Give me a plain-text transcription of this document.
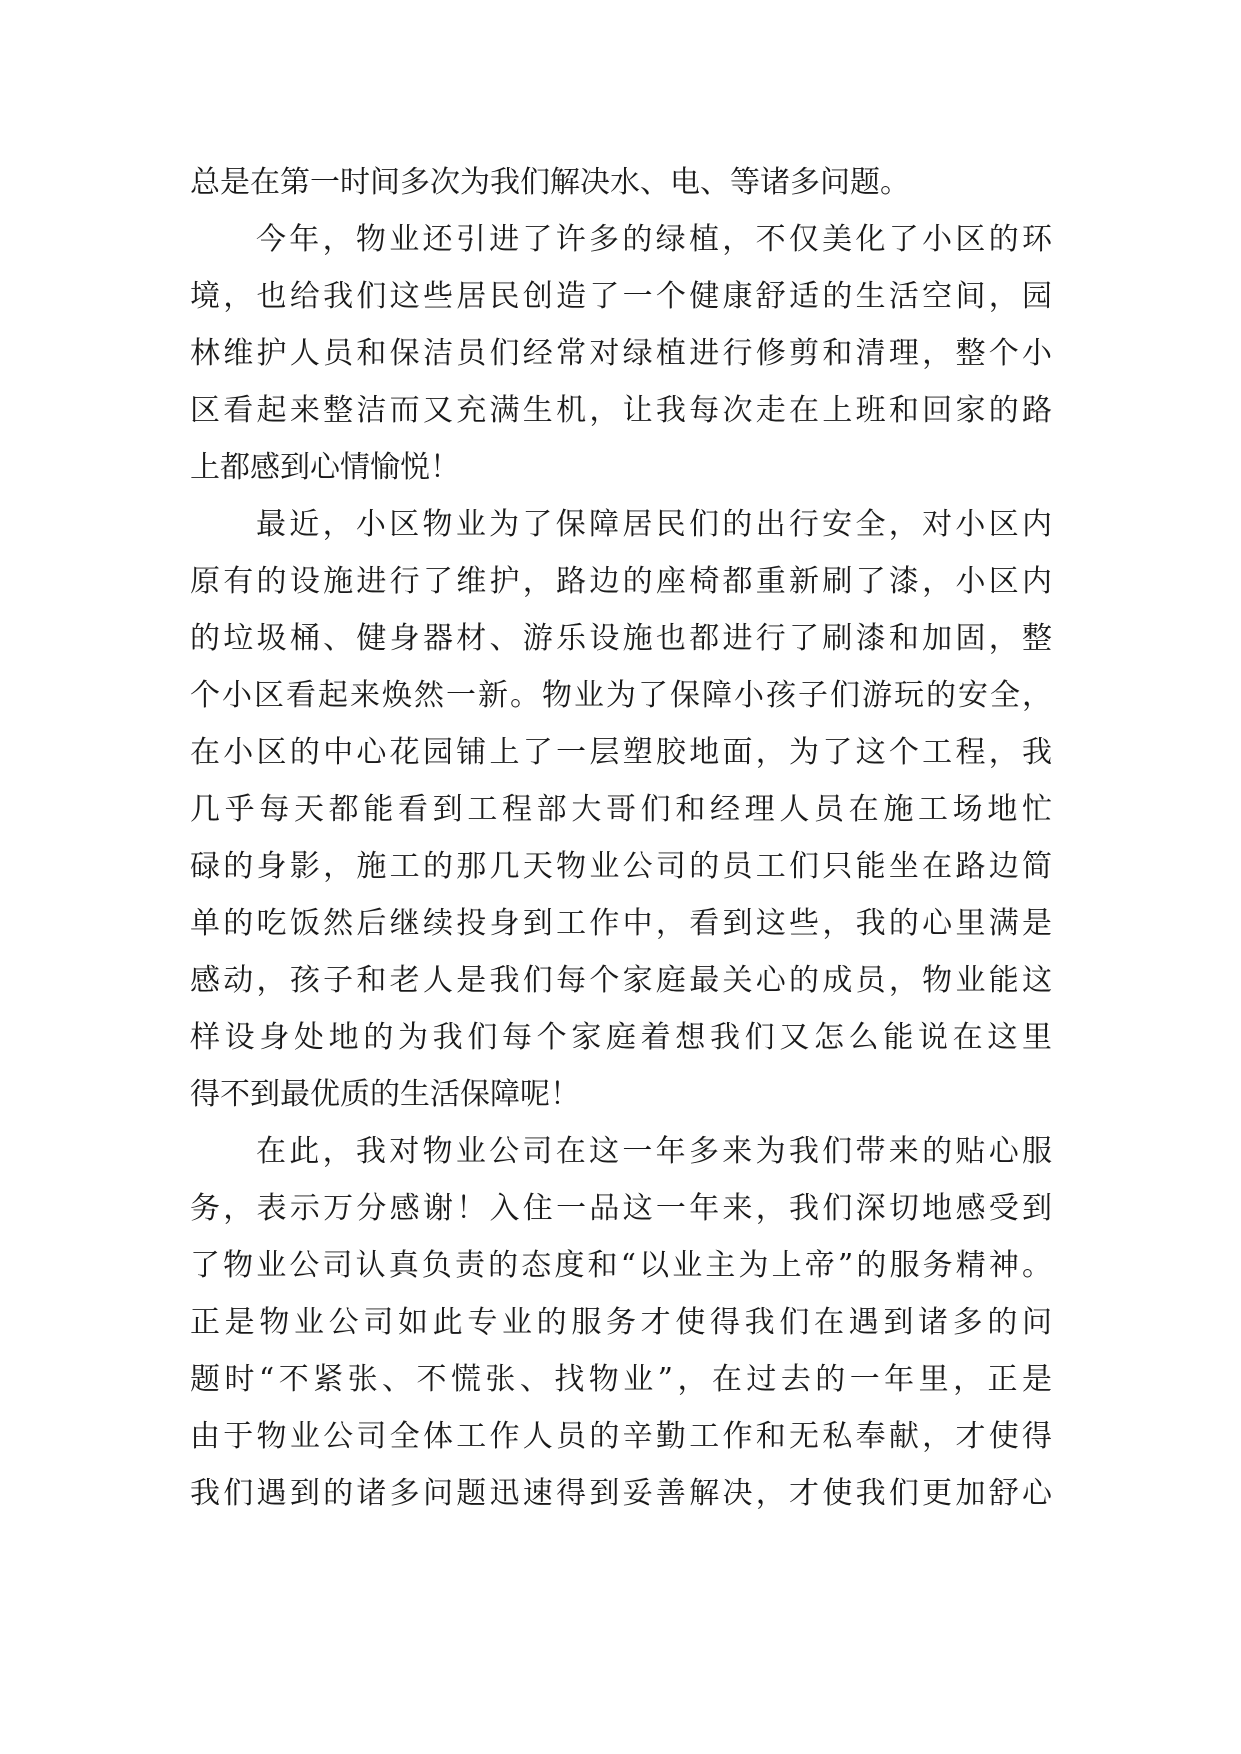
总是在第一时间多次为我们解决水、电、等诸多问题。
今年，物业还引进了许多的绿植，不仅美化了小区的环
境，也给我们这些居民创造了一个健康舒适的生活空间，园
林维护人员和保洁员们经常对绿植进行修剪和清理，整个小
区看起来整洁而又充满生机，让我每次走在上班和回家的路
上都感到心情愉悦！
最近，小区物业为了保障居民们的出行安全，对小区内
原有的设施进行了维护，路边的座椅都重新刷了漆，小区内
的垃圾桶、健身器材、游乐设施也都进行了刷漆和加固，整
个小区看起来焕然一新。物业为了保障小孩子们游玩的安全，
在小区的中心花园铺上了一层塑胶地面，为了这个工程，我
几乎每天都能看到工程部大哥们和经理人员在施工场地忙
碌的身影，施工的那几天物业公司的员工们只能坐在路边简
单的吃饭然后继续投身到工作中，看到这些，我的心里满是
感动，孩子和老人是我们每个家庭最关心的成员，物业能这
样设身处地的为我们每个家庭着想我们又怎么能说在这里
得不到最优质的生活保障呢！
在此，我对物业公司在这一年多来为我们带来的贴心服
务，表示万分感谢！入住一品这一年来，我们深切地感受到
了物业公司认真负责的态度和“以业主为上帝”的服务精神。
正是物业公司如此专业的服务才使得我们在遇到诸多的问
题时“不紧张、不慌张、找物业”，在过去的一年里，正是
由于物业公司全体工作人员的辛勤工作和无私奉献，才使得
我们遇到的诸多问题迅速得到妥善解决，才使我们更加舒心
